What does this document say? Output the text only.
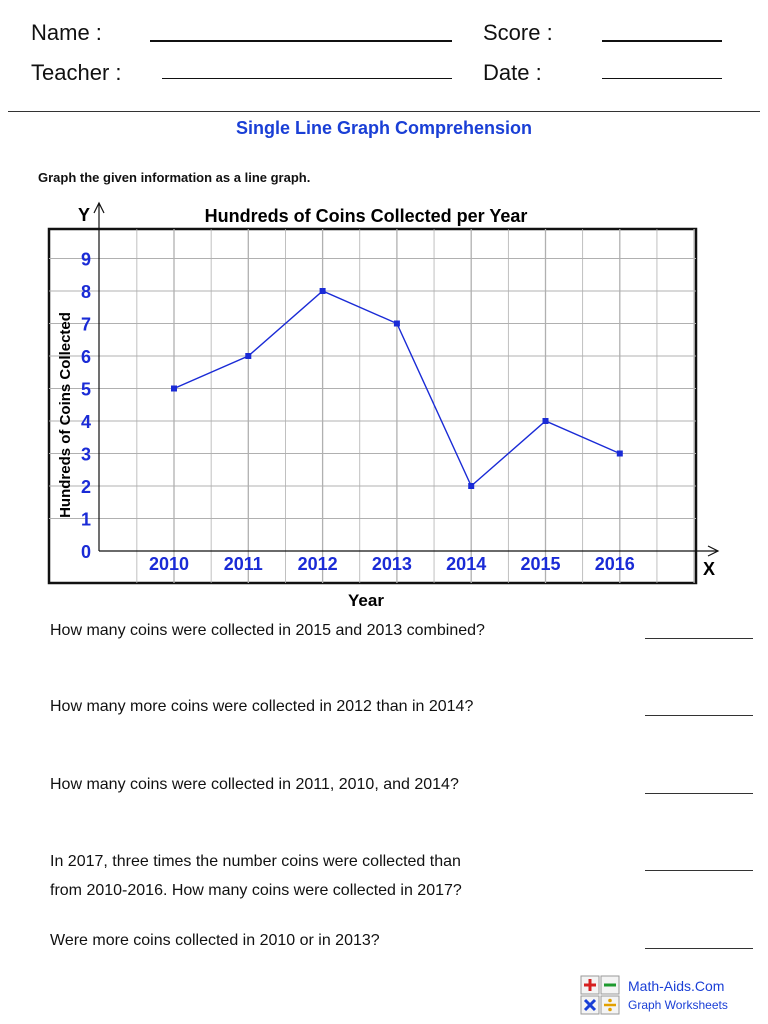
Name :	Score :
Teacher :	Date :
Single Line Graph Comprehension
Graph the given information as a line graph.
Y
X
Hundreds of Coins Collected per Year
Year
Hundreds of Coins Collected
0
1
2
3
4
5
6
7
8
9
2010 2011 2012 2013 2014 2015 2016
How many coins were collected in 2015 and 2013 combined?
How many more coins were collected in 2012 than in 2014?
How many coins were collected in 2011, 2010, and 2014?
In 2017, three times the number coins were collected than
from 2010-2016. How many coins were collected in 2017?
Were more coins collected in 2010 or in 2013?
Math-Aids.Com
Graph Worksheets
